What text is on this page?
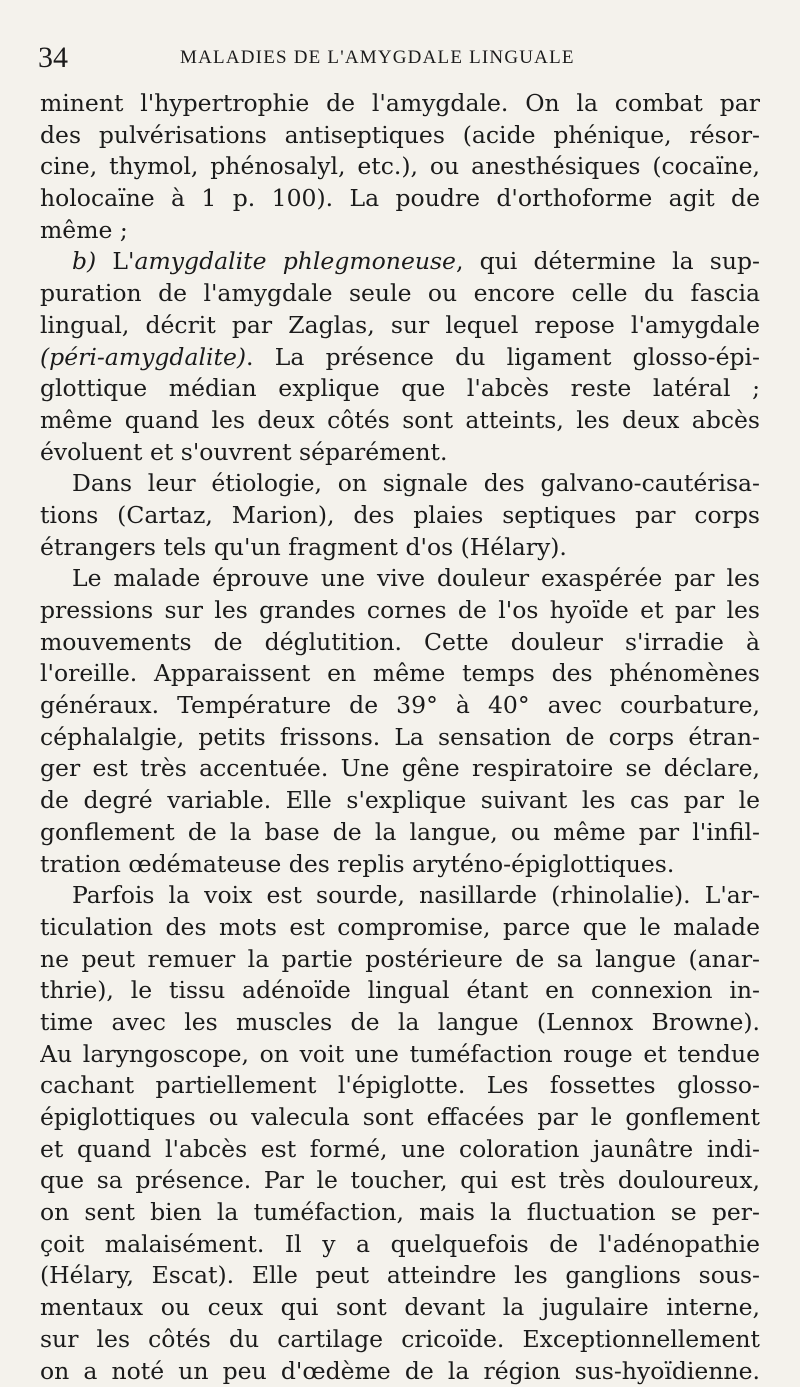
34	MALADIES DE L'AMYGDALE LINGUALE
minent l'hypertrophie de l'amygdale. On la combat par
des pulvérisations antiseptiques (acide phénique, résor-
cine, thymol, phénosalyl, etc.), ou anesthésiques (cocaïne,
holocaïne à 1 p. 100). La poudre d'orthoforme agit de
même ;
b) L'amygdalite phlegmoneuse, qui détermine la sup-
puration de l'amygdale seule ou encore celle du fascia
lingual, décrit par Zaglas, sur lequel repose l'amygdale
(péri-amygdalite). La présence du ligament glosso-épi-
glottique médian explique que l'abcès reste latéral ;
même quand les deux côtés sont atteints, les deux abcès
évoluent et s'ouvrent séparément.
Dans leur étiologie, on signale des galvano-cautérisa-
tions (Cartaz, Marion), des plaies septiques par corps
étrangers tels qu'un fragment d'os (Hélary).
Le malade éprouve une vive douleur exaspérée par les
pressions sur les grandes cornes de l'os hyoïde et par les
mouvements de déglutition. Cette douleur s'irradie à
l'oreille. Apparaissent en même temps des phénomènes
généraux. Température de 39° à 40° avec courbature,
céphalalgie, petits frissons. La sensation de corps étran-
ger est très accentuée. Une gêne respiratoire se déclare,
de degré variable. Elle s'explique suivant les cas par le
gonflement de la base de la langue, ou même par l'infil-
tration œdémateuse des replis aryténo-épiglottiques.
Parfois la voix est sourde, nasillarde (rhinolalie). L'ar-
ticulation des mots est compromise, parce que le malade
ne peut remuer la partie postérieure de sa langue (anar-
thrie), le tissu adénoïde lingual étant en connexion in-
time avec les muscles de la langue (Lennox Browne).
Au laryngoscope, on voit une tuméfaction rouge et tendue
cachant partiellement l'épiglotte. Les fossettes glosso-
épiglottiques ou valecula sont effacées par le gonflement
et quand l'abcès est formé, une coloration jaunâtre indi-
que sa présence. Par le toucher, qui est très douloureux,
on sent bien la tuméfaction, mais la fluctuation se per-
çoit malaisément. Il y a quelquefois de l'adénopathie
(Hélary, Escat). Elle peut atteindre les ganglions sous-
mentaux ou ceux qui sont devant la jugulaire interne,
sur les côtés du cartilage cricoïde. Exceptionnellement
on a noté un peu d'œdème de la région sus-hyoïdienne.
